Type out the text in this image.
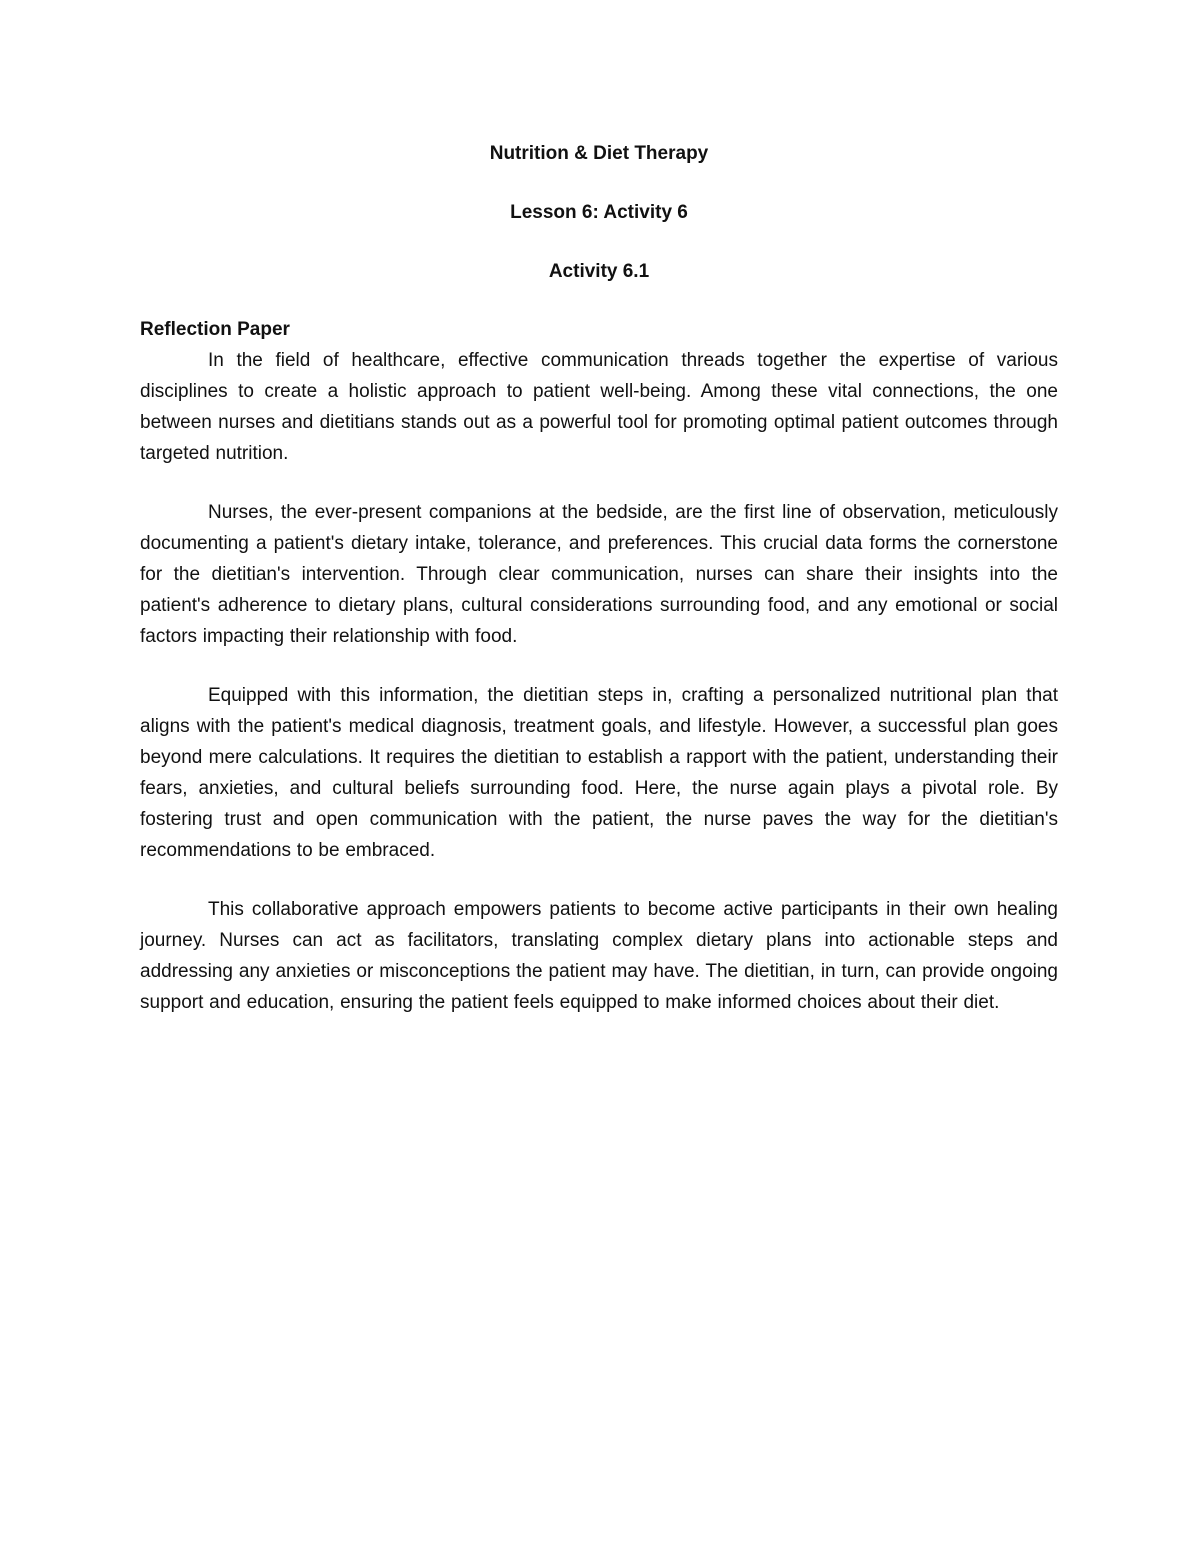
Nutrition & Diet Therapy

Lesson 6: Activity 6

Activity 6.1

Reflection Paper

In the field of healthcare, effective communication threads together the expertise of various disciplines to create a holistic approach to patient well-being. Among these vital connections, the one between nurses and dietitians stands out as a powerful tool for promoting optimal patient outcomes through targeted nutrition.

Nurses, the ever-present companions at the bedside, are the first line of observation, meticulously documenting a patient's dietary intake, tolerance, and preferences. This crucial data forms the cornerstone for the dietitian's intervention. Through clear communication, nurses can share their insights into the patient's adherence to dietary plans, cultural considerations surrounding food, and any emotional or social factors impacting their relationship with food.

Equipped with this information, the dietitian steps in, crafting a personalized nutritional plan that aligns with the patient's medical diagnosis, treatment goals, and lifestyle. However, a successful plan goes beyond mere calculations. It requires the dietitian to establish a rapport with the patient, understanding their fears, anxieties, and cultural beliefs surrounding food. Here, the nurse again plays a pivotal role. By fostering trust and open communication with the patient, the nurse paves the way for the dietitian's recommendations to be embraced.

This collaborative approach empowers patients to become active participants in their own healing journey. Nurses can act as facilitators, translating complex dietary plans into actionable steps and addressing any anxieties or misconceptions the patient may have. The dietitian, in turn, can provide ongoing support and education, ensuring the patient feels equipped to make informed choices about their diet.
